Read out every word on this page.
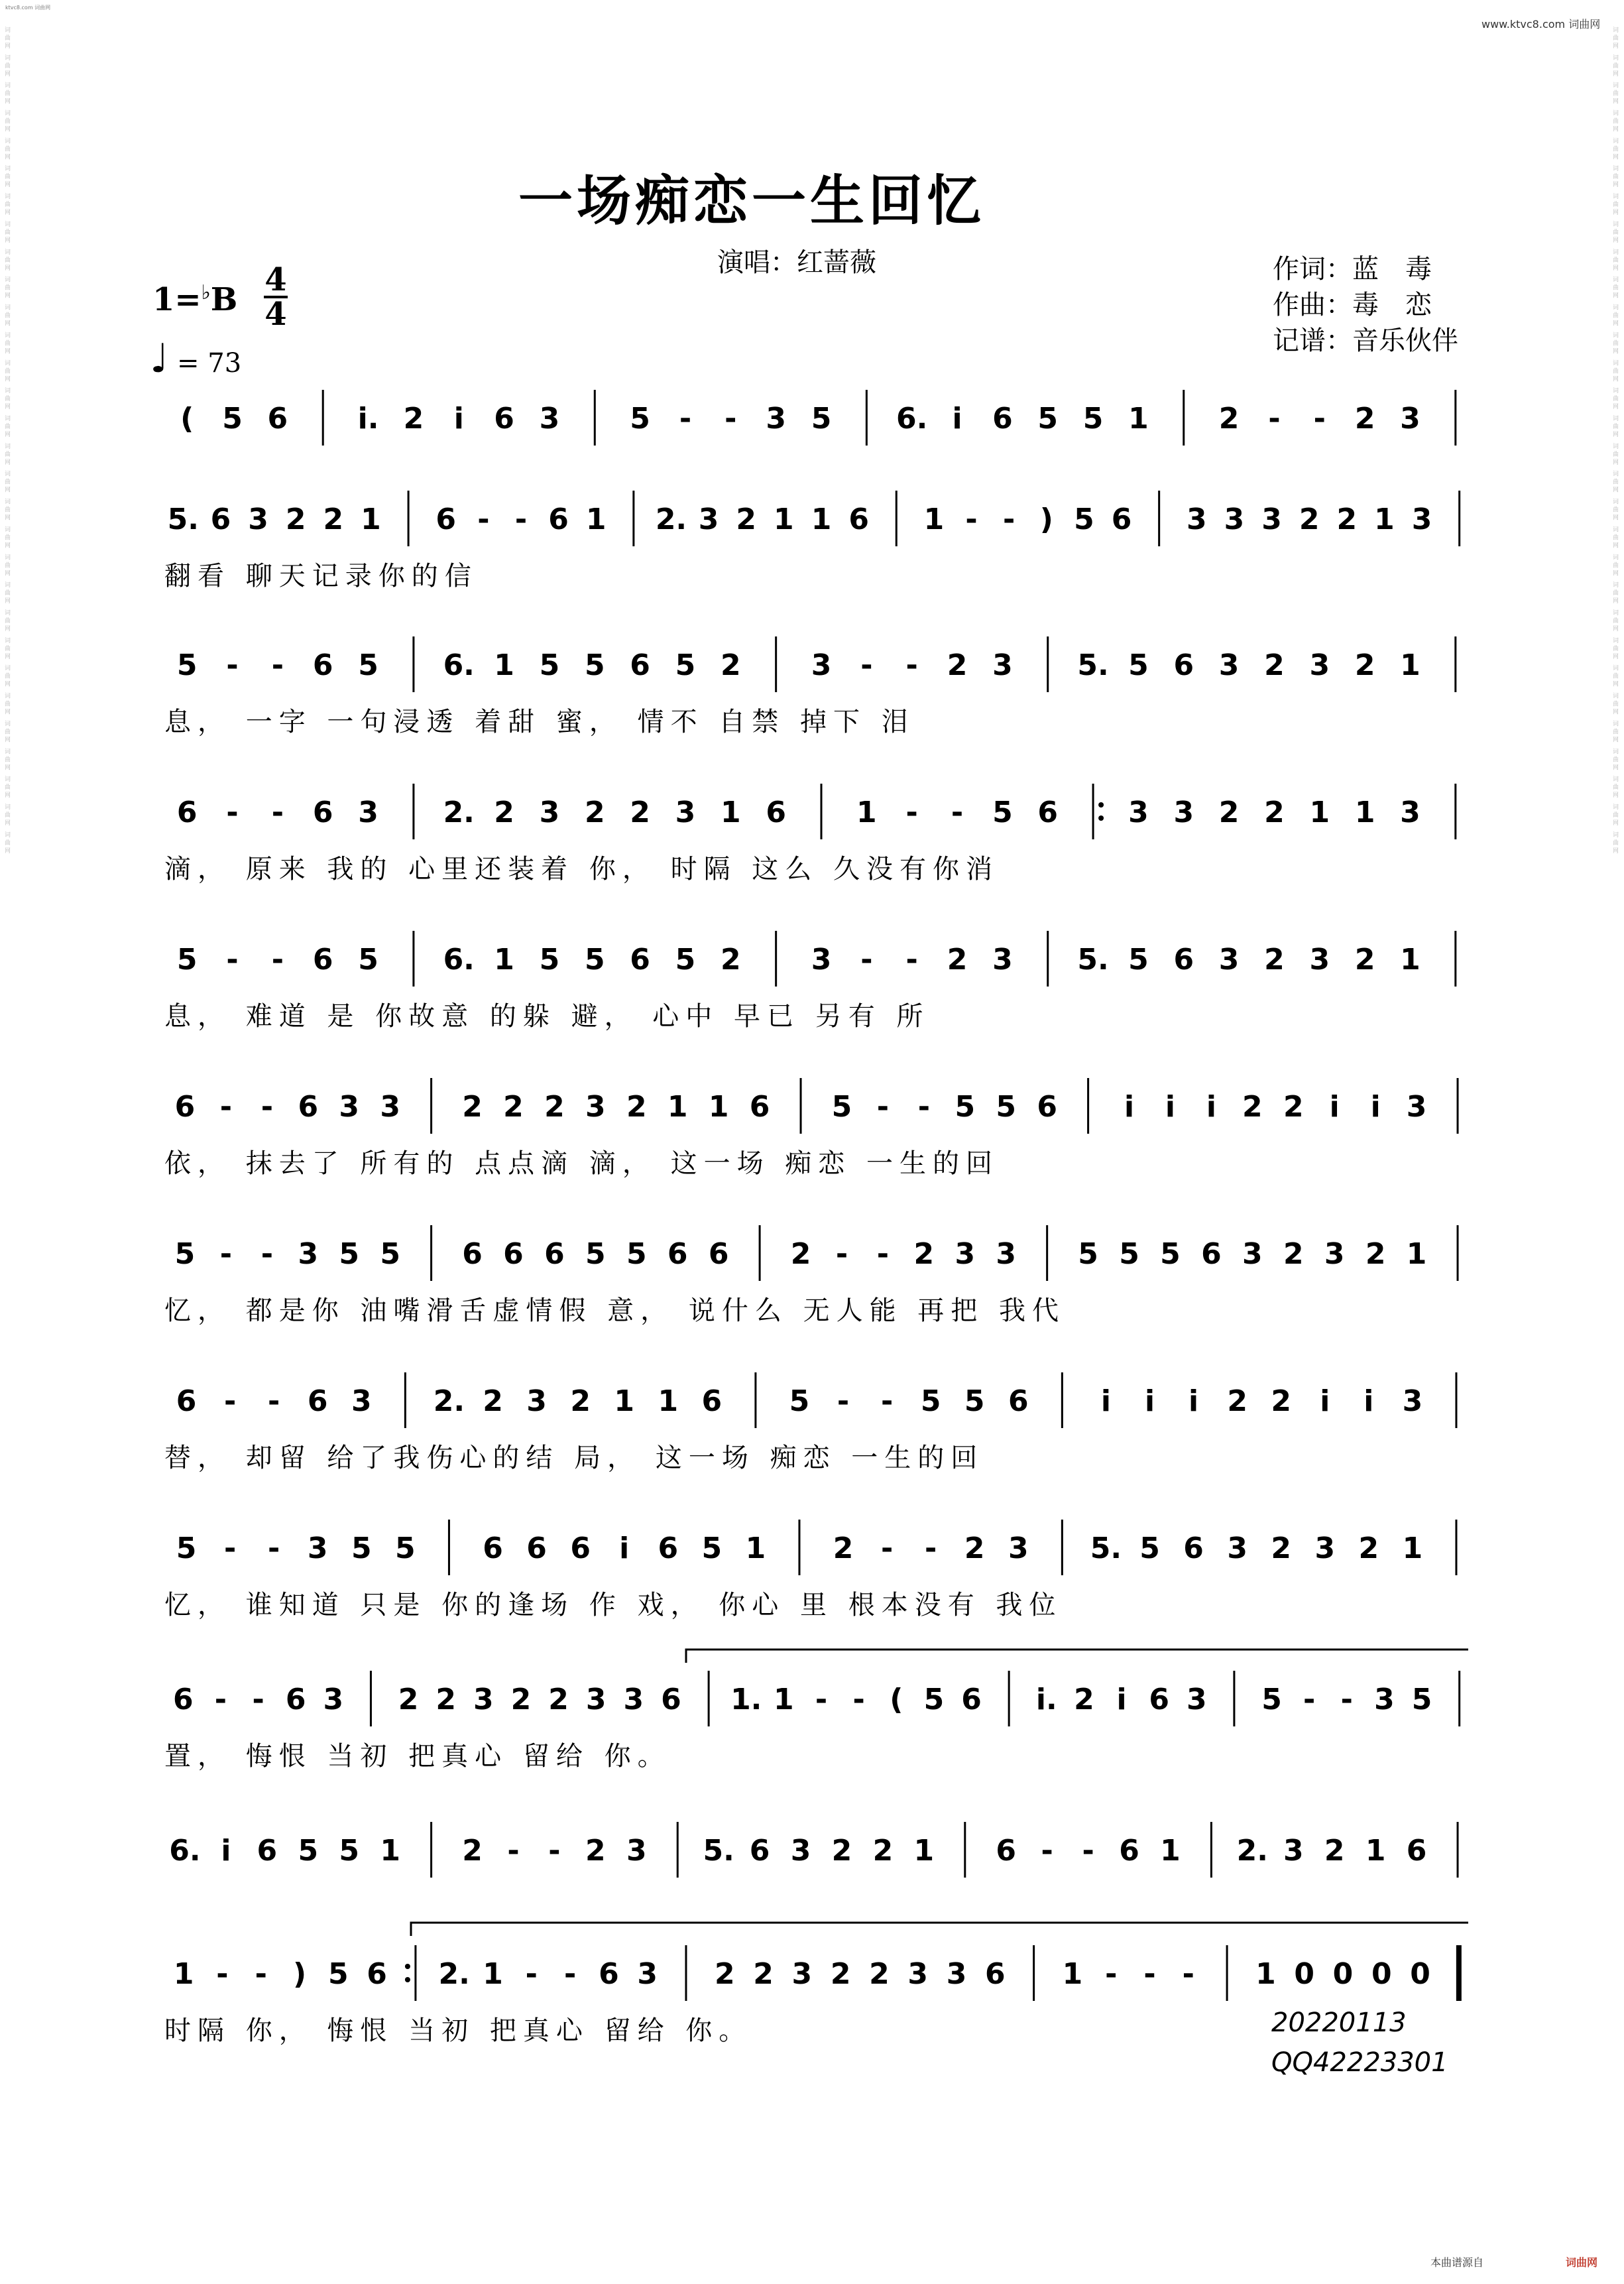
ktvc8.com 词曲网
www.ktvc8.com 词曲网
词曲网 词曲网 词曲网 词曲网 词曲网 词曲网 词曲网 词曲网 词曲网 词曲网 词曲网 词曲网 词曲网 词曲网 词曲网 词曲网 词曲网 词曲网 词曲网 词曲网 词曲网 词曲网 词曲网 词曲网 词曲网 词曲网 词曲网 词曲网 词曲网 词曲网	词曲网 词曲网 词曲网 词曲网 词曲网 词曲网 词曲网 词曲网 词曲网 词曲网 词曲网 词曲网 词曲网 词曲网 词曲网 词曲网 词曲网 词曲网 词曲网 词曲网 词曲网 词曲网 词曲网 词曲网 词曲网 词曲网 词曲网 词曲网 词曲网 词曲网
一场痴恋一生回忆
演唱：红蔷薇	作词：蓝　毒
作曲：毒　恋
记谱：音乐伙伴
1=♭B
4
4
♩ = 73
( 5 6 i. 2 i 6 3 5 - - 3 5 6. i 6 5 5 1 2 - - 2 3
5. 6 3 2 2 1 6 - - 6 1 2. 3 2 1 1 6 1 - - ) 5 6 3 3 3 2 2 1 3
翻看 聊天记录你的信
5 - - 6 5 6. 1 5 5 6 5 2 3 - - 2 3 5. 5 6 3 2 3 2 1
息， 一字 一句浸透 着甜 蜜， 情不 自禁 掉下 泪
6 - - 6 3 2. 2 3 2 2 3 1 6 1 - - 5 6 3 3 2 2 1 1 3
滴， 原来 我的 心里还装着 你， 时隔 这么 久没有你消
5 - - 6 5 6. 1 5 5 6 5 2 3 - - 2 3 5. 5 6 3 2 3 2 1
息， 难道 是 你故意 的躲 避， 心中 早已 另有 所
6 - - 6 3 3 2 2 2 3 2 1 1 6 5 - - 5 5 6 i i i 2 2 i i 3
依， 抹去了 所有的 点点滴 滴， 这一场 痴恋 一生的回
5 - - 3 5 5 6 6 6 5 5 6 6 2 - - 2 3 3 5 5 5 6 3 2 3 2 1
忆， 都是你 油嘴滑舌虚情假 意， 说什么 无人能 再把 我代
6 - - 6 3 2. 2 3 2 1 1 6 5 - - 5 5 6 i i i 2 2 i i 3
替， 却留 给了我伤心的结 局， 这一场 痴恋 一生的回
5 - - 3 5 5 6 6 6 i 6 5 1 2 - - 2 3 5. 5 6 3 2 3 2 1
忆， 谁知道 只是 你的逢场 作 戏， 你心 里 根本没有 我位
6 - - 6 3 2 2 3 2 2 3 3 6 1. 1 - - ( 5 6 i. 2 i 6 3 5 - - 3 5
置， 悔恨 当初 把真心 留给 你。
6. i 6 5 5 1 2 - - 2 3 5. 6 3 2 2 1 6 - - 6 1 2. 3 2 1 6
1 - - ) 5 6 2. 1 - - 6 3 2 2 3 2 2 3 3 6 1 - - - 1 0 0 0 0
时隔 你， 悔恨 当初 把真心 留给 你。	20220113
QQ42223301
本曲谱源自	词曲网
